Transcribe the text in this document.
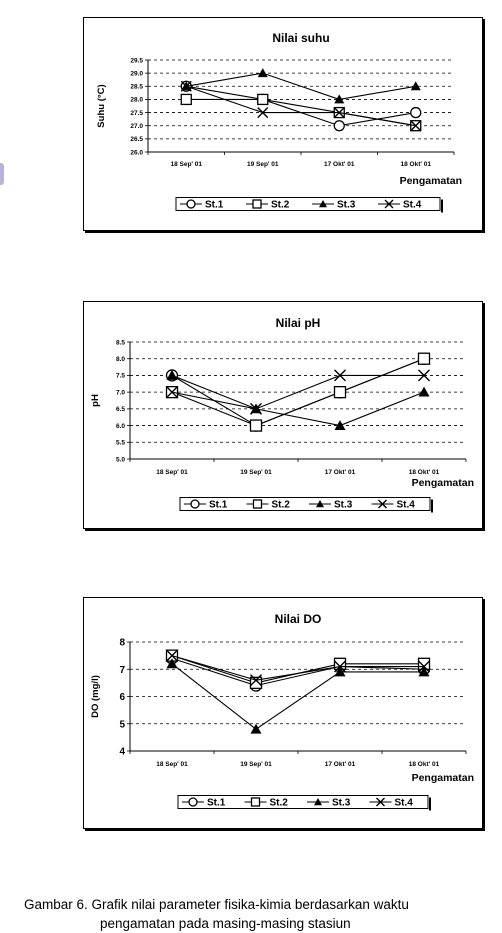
Nilai suhu
26.0
26.5
27.0
27.5
28.0
28.5
29.0
29.5
18 Sep' 01	19 Sep' 01	17 Okt' 01	18 Okt' 01
Suhu (°C)
Pengamatan
St.1	St.2	St.3	St.4
Nilai pH
5.0
5.5
6.0
6.5
7.0
7.5
8.0
8.5
18 Sep' 01	19 Sep' 01	17 Okt' 01	18 Okt' 01
pH
Pengamatan
St.1	St.2	St.3	St.4
Nilai DO
4
5
6
7
8
18 Sep' 01	19 Sep' 01	17 Okt' 01	18 Okt' 01
DO (mg/l)
Pengamatan
St.1	St.2	St.3	St.4
Gambar 6. Grafik nilai parameter fisika-kimia berdasarkan waktu
pengamatan pada masing-masing stasiun
